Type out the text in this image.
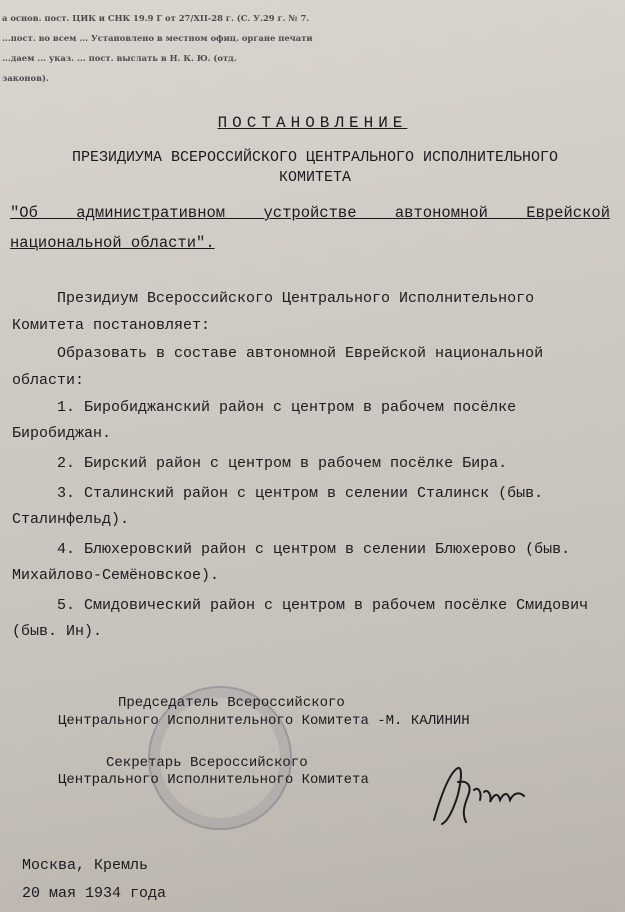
а основ. пост. ЦИК и СНК 19.9 Г от 27/XII-28 г. (С. У.29 г. № 7.
...пост. во всем ... Установлено в местном офиц. органе печати
...даем ... указ. ... пост. выслать в Н. К. Ю. (отд.
законов).
ПОСТАНОВЛЕНИЕ
ПРЕЗИДИУМА ВСЕРОССИЙСКОГО ЦЕНТРАЛЬНОГО ИСПОЛНИТЕЛЬНОГО
КОМИТЕТА
"Об административном устройстве автономной Еврейской национальной области".
Президиум Всероссийского Центрального Исполнительного Комитета постановляет:
Образовать в составе автономной Еврейской национальной области:
1. Биробиджанский район с центром в рабочем посёлке Биробиджан.
2. Бирский район с центром в рабочем посёлке Бира.
3. Сталинский район с центром в селении Сталинск (быв. Сталинфельд).
4. Блюхеровский район с центром в селении Блюхерово (быв. Михайлово-Семёновское).
5. Смидовический район с центром в рабочем посёлке Смидович (быв. Ин).
Председатель Всероссийского
Центрального Исполнительного Комитета -М. КАЛИНИН
Секретарь Всероссийского
Центрального Исполнительного Комитета
Москва, Кремль
20 мая 1934 года
